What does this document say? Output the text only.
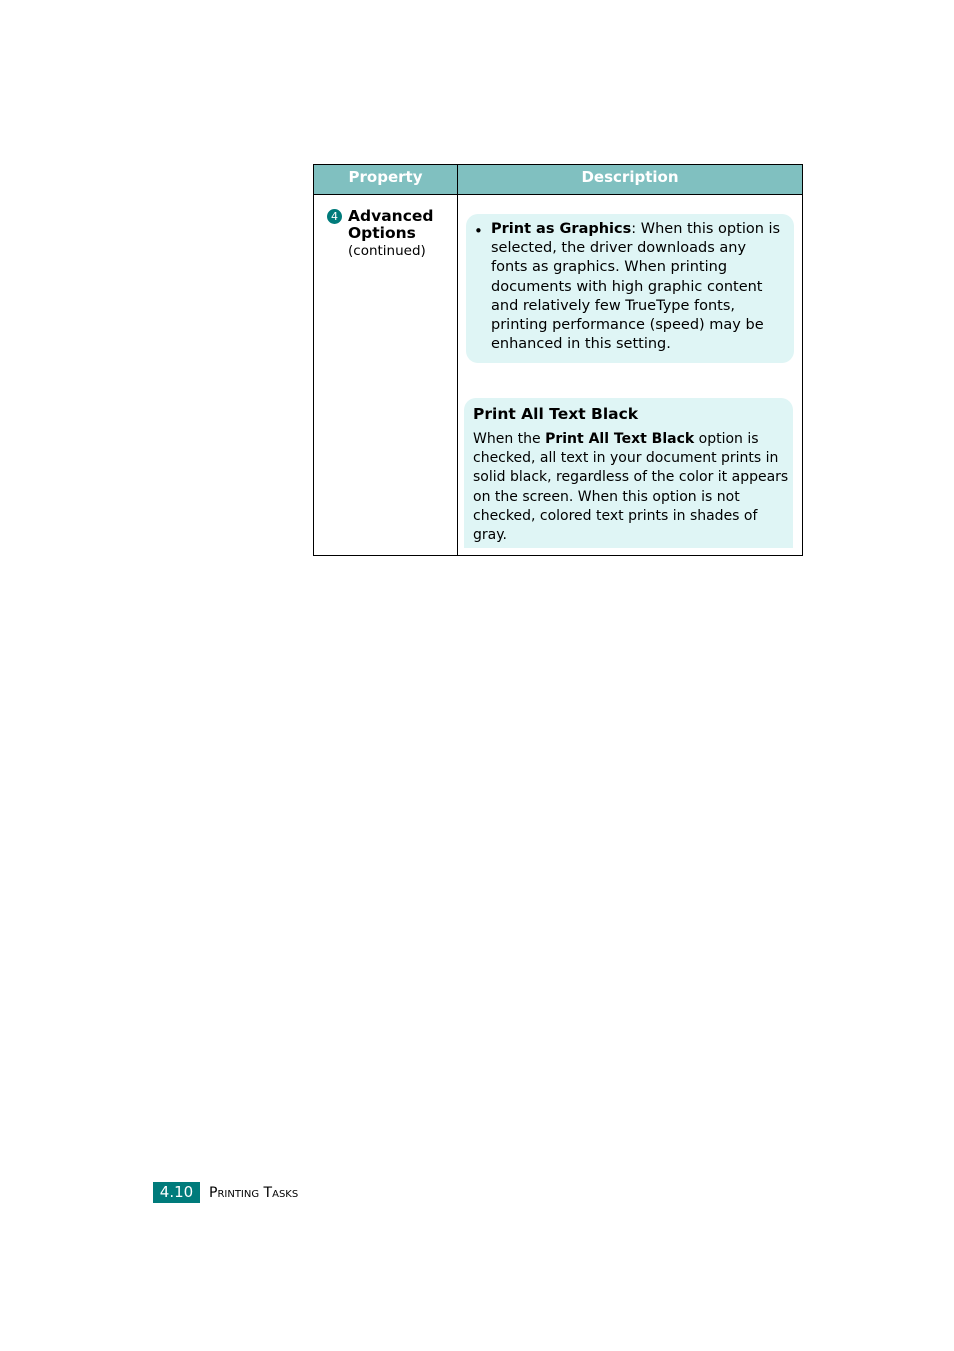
Property	Description
4 Advanced
Options
(continued)
• Print as Graphics: When this option is selected, the driver downloads any fonts as graphics. When printing documents with high graphic content and relatively few TrueType fonts, printing performance (speed) may be enhanced in this setting.
Print All Text Black
When the Print All Text Black option is checked, all text in your document prints in solid black, regardless of the color it appears on the screen. When this option is not checked, colored text prints in shades of gray.
4.10	Printing Tasks
